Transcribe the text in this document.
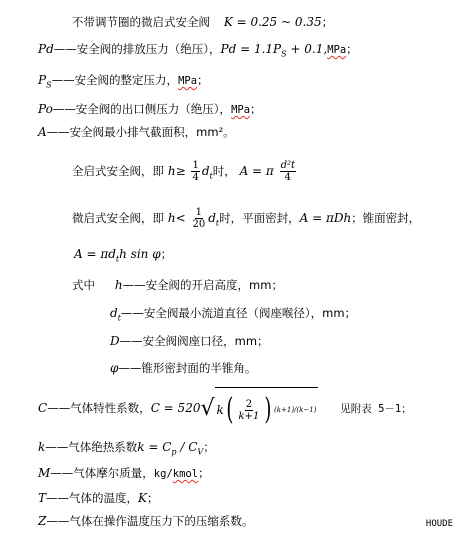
不带调节圈的微启式安全阀 K = 0.25 ~ 0.35；
Pd——安全阀的排放压力（绝压），$Pd = 1.1P_S + 0.1,MPa$；
$P_S——$安全阀的整定压力，MPa；
Po——安全阀的出口侧压力（绝压），MPa；
A——安全阀最小排气截面积，mm²。
全启式安全阀，即 $h\ge \frac{1}{4} d_t$时， A = π $\frac{\text{d²t}}{4}$
微启式安全阀，即 $h< \frac{1}{20} d_t$时，平面密封，A = πDh；锥面密封，
$A = \pi d_th$ sin φ；
式中 h——安全阀的开启高度，mm；
$d_t——$安全阀最小流道直径（阀座喉径），mm；
D——安全阀阀座口径，mm；
φ——锥形密封面的半锥角。
C——气体特性系数，C = 520 √ k ( $\frac{2}{k+1}$ ) (k+1)/(k−1) 见附表 5－1；
k——气体绝热系数$k = C_p / C_V$；
M——气体摩尔质量，kg/kmol；
T——气体的温度，K；
Z——气体在操作温度压力下的压缩系数。	HOUDE
